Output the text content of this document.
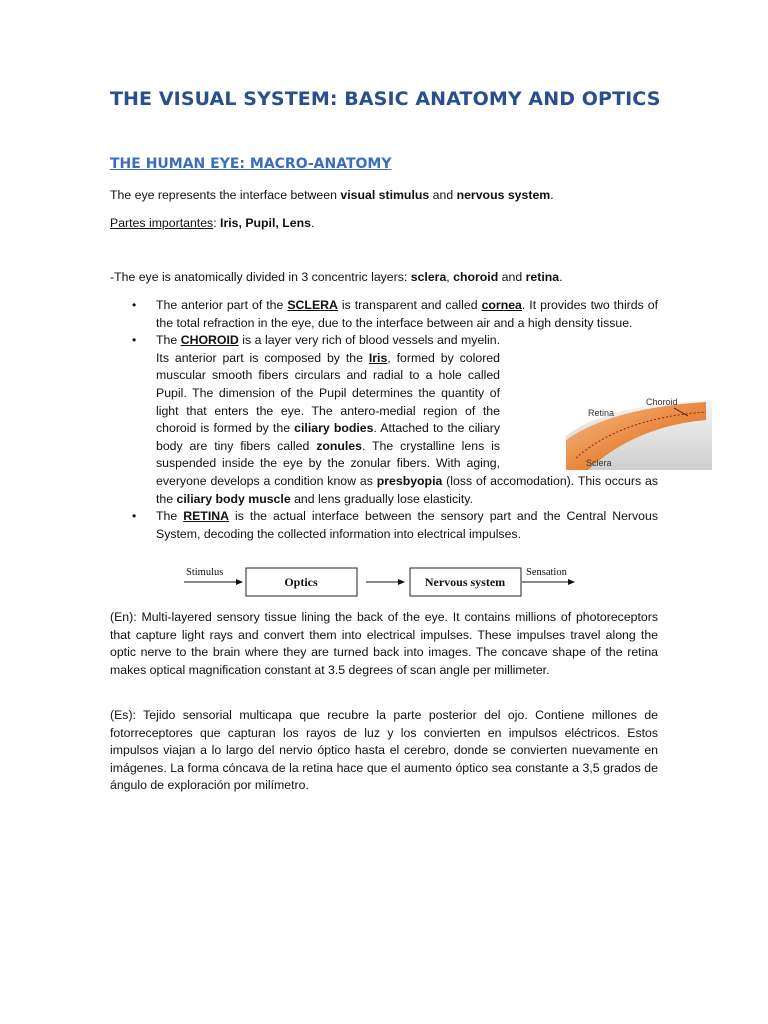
THE VISUAL SYSTEM: BASIC ANATOMY AND OPTICS
THE HUMAN EYE: MACRO-ANATOMY

The eye represents the interface between visual stimulus and nervous system.

Partes importantes: Iris, Pupil, Lens.

-The eye is anatomically divided in 3 concentric layers: sclera, choroid and retina.

Choroid
Retina
Sclera
• The anterior part of the SCLERA is transparent and called cornea. It provides two thirds of the total refraction in the eye, due to the interface between air and a high density tissue.
• The CHOROID is a layer very rich of blood vessels and myelin. Its anterior part is composed by the Iris, formed by colored muscular smooth fibers circulars and radial to a hole called Pupil. The dimension of the Pupil determines the quantity of light that enters the eye. The antero-medial region of the choroid is formed by the ciliary bodies. Attached to the ciliary body are tiny fibers called zonules. The crystalline lens is suspended inside the eye by the zonular fibers. With aging, everyone develops a condition know as presbyopia (loss of accomodation). This occurs as the ciliary body muscle and lens gradually lose elasticity.
• The RETINA is the actual interface between the sensory part and the Central Nervous System, decoding the collected information into electrical impulses.
Stimulus
Optics	Nervous system
Sensation

(En): Multi-layered sensory tissue lining the back of the eye. It contains millions of photoreceptors that capture light rays and convert them into electrical impulses. These impulses travel along the optic nerve to the brain where they are turned back into images. The concave shape of the retina makes optical magnification constant at 3.5 degrees of scan angle per millimeter.

(Es): Tejido sensorial multicapa que recubre la parte posterior del ojo. Contiene millones de fotorreceptores que capturan los rayos de luz y los convierten en impulsos eléctricos. Estos impulsos viajan a lo largo del nervio óptico hasta el cerebro, donde se convierten nuevamente en imágenes. La forma cóncava de la retina hace que el aumento óptico sea constante a 3,5 grados de ángulo de exploración por milímetro.
